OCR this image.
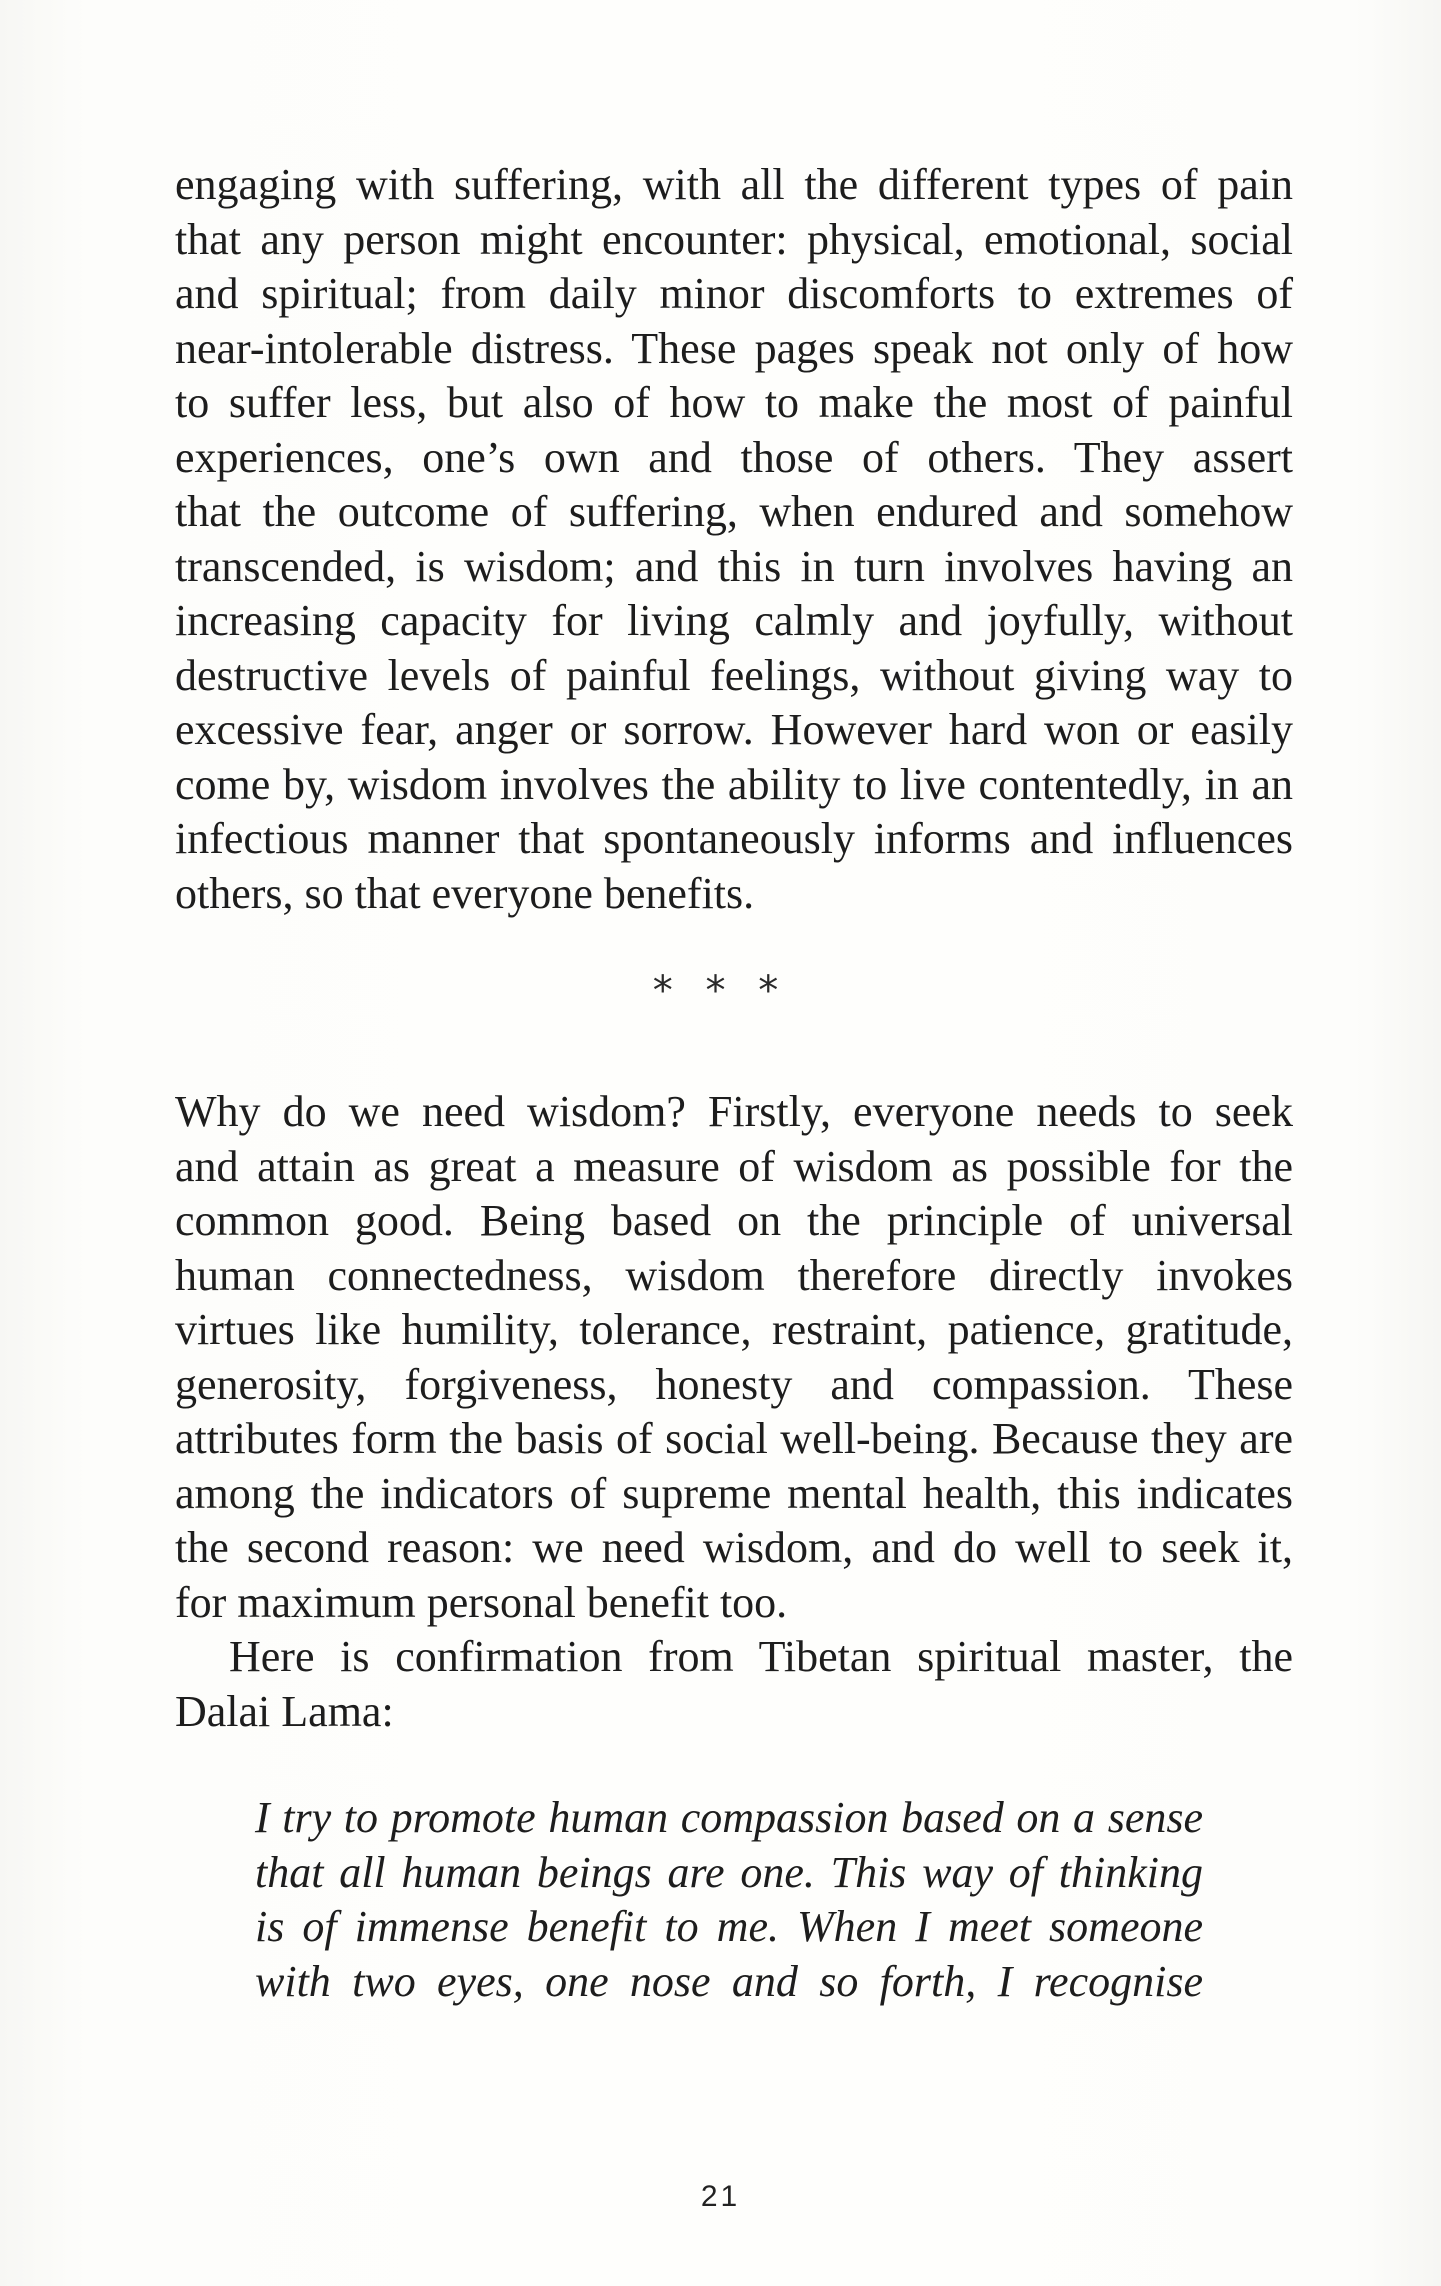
engaging with suffering, with all the different types of pain
that any person might encounter: physical, emotional, social
and spiritual; from daily minor discomforts to extremes of
near-intolerable distress. These pages speak not only of how
to suffer less, but also of how to make the most of painful
experiences, one’s own and those of others. They assert
that the outcome of suffering, when endured and somehow
transcended, is wisdom; and this in turn involves having an
increasing capacity for living calmly and joyfully, without
destructive levels of painful feelings, without giving way to
excessive fear, anger or sorrow. However hard won or easily
come by, wisdom involves the ability to live contentedly, in an
infectious manner that spontaneously informs and influences
others, so that everyone benefits.
* * *
Why do we need wisdom? Firstly, everyone needs to seek
and attain as great a measure of wisdom as possible for the
common good. Being based on the principle of universal
human connectedness, wisdom therefore directly invokes
virtues like humility, tolerance, restraint, patience, gratitude,
generosity, forgiveness, honesty and compassion. These
attributes form the basis of social well-being. Because they are
among the indicators of supreme mental health, this indicates
the second reason: we need wisdom, and do well to seek it,
for maximum personal benefit too.
Here is confirmation from Tibetan spiritual master, the
Dalai Lama:
I try to promote human compassion based on a sense
that all human beings are one. This way of thinking
is of immense benefit to me. When I meet someone
with two eyes, one nose and so forth, I recognise
21
